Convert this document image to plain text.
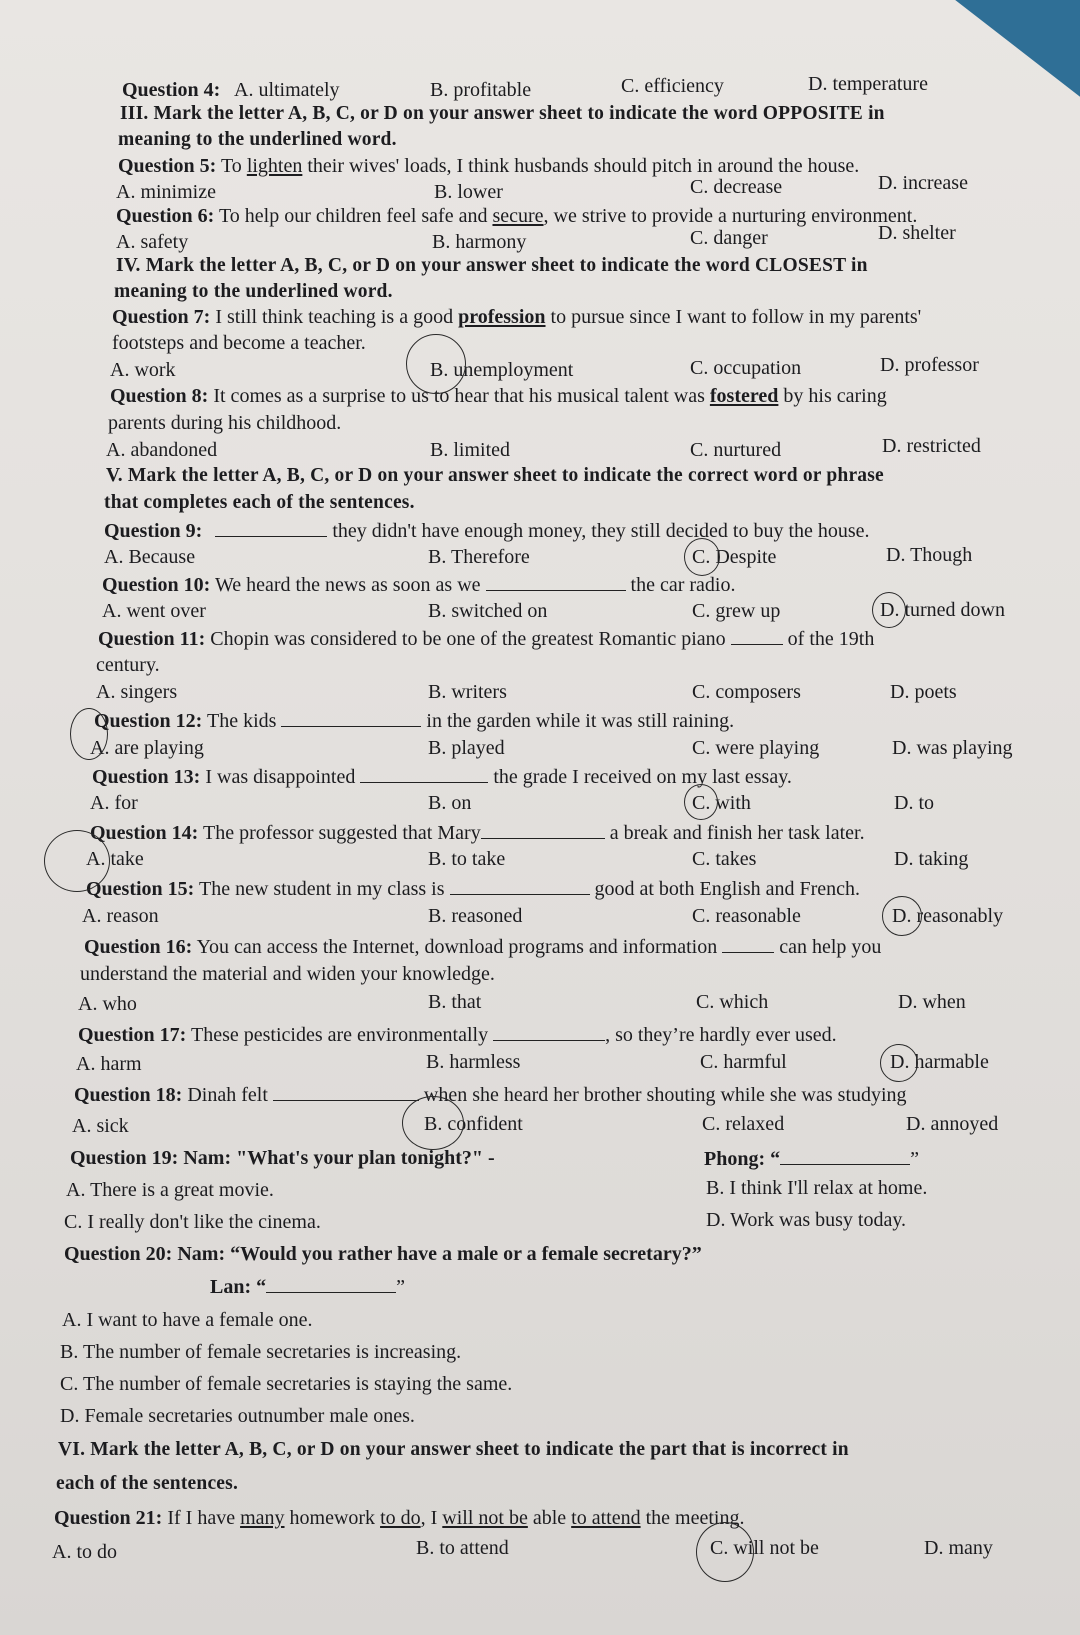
Question 4: A. ultimately	B. profitable	C. efficiency	D. temperature
III. Mark the letter A, B, C, or D on your answer sheet to indicate the word OPPOSITE in
meaning to the underlined word.
Question 5: To lighten their wives' loads, I think husbands should pitch in around the house.
A. minimize	B. lower	C. decrease	D. increase
Question 6: To help our children feel safe and secure, we strive to provide a nurturing environment.
A. safety	B. harmony	C. danger	D. shelter
IV. Mark the letter A, B, C, or D on your answer sheet to indicate the word CLOSEST in
meaning to the underlined word.
Question 7: I still think teaching is a good profession to pursue since I want to follow in my parents'
footsteps and become a teacher.
A. work	B. unemployment	C. occupation	D. professor
Question 8: It comes as a surprise to us to hear that his musical talent was fostered by his caring
parents during his childhood.
A. abandoned	B. limited	C. nurtured	D. restricted
V. Mark the letter A, B, C, or D on your answer sheet to indicate the correct word or phrase
that completes each of the sentences.
Question 9:	they didn't have enough money, they still decided to buy the house.
A. Because	B. Therefore	C. Despite	D. Though
Question 10: We heard the news as soon as we	the car radio.
A. went over	B. switched on	C. grew up	D. turned down
Question 11: Chopin was considered to be one of the greatest Romantic piano	of the 19th
century.
A. singers	B. writers	C. composers	D. poets
Question 12: The kids	in the garden while it was still raining.
A. are playing	B. played	C. were playing	D. was playing
Question 13: I was disappointed	the grade I received on my last essay.
A. for	B. on	C. with	D. to
Question 14: The professor suggested that Mary	a break and finish her task later.
A. take	B. to take	C. takes	D. taking
Question 15: The new student in my class is	good at both English and French.
A. reason	B. reasoned	C. reasonable	D. reasonably
Question 16: You can access the Internet, download programs and information	can help you
understand the material and widen your knowledge.
A. who	B. that	C. which	D. when
Question 17: These pesticides are environmentally	, so they’re hardly ever used.
A. harm	B. harmless	C. harmful	D. harmable
Question 18: Dinah felt	when she heard her brother shouting while she was studying
A. sick	B. confident	C. relaxed	D. annoyed
Question 19: Nam: "What's your plan tonight?" -	Phong: “	”
A. There is a great movie.	B. I think I'll relax at home.
C. I really don't like the cinema.	D. Work was busy today.
Question 20: Nam: “Would you rather have a male or a female secretary?”
Lan: “	”
A. I want to have a female one.
B. The number of female secretaries is increasing.
C. The number of female secretaries is staying the same.
D. Female secretaries outnumber male ones.
VI. Mark the letter A, B, C, or D on your answer sheet to indicate the part that is incorrect in
each of the sentences.
Question 21: If I have many homework to do, I will not be able to attend the meeting.
A. to do	B. to attend	C. will not be	D. many
